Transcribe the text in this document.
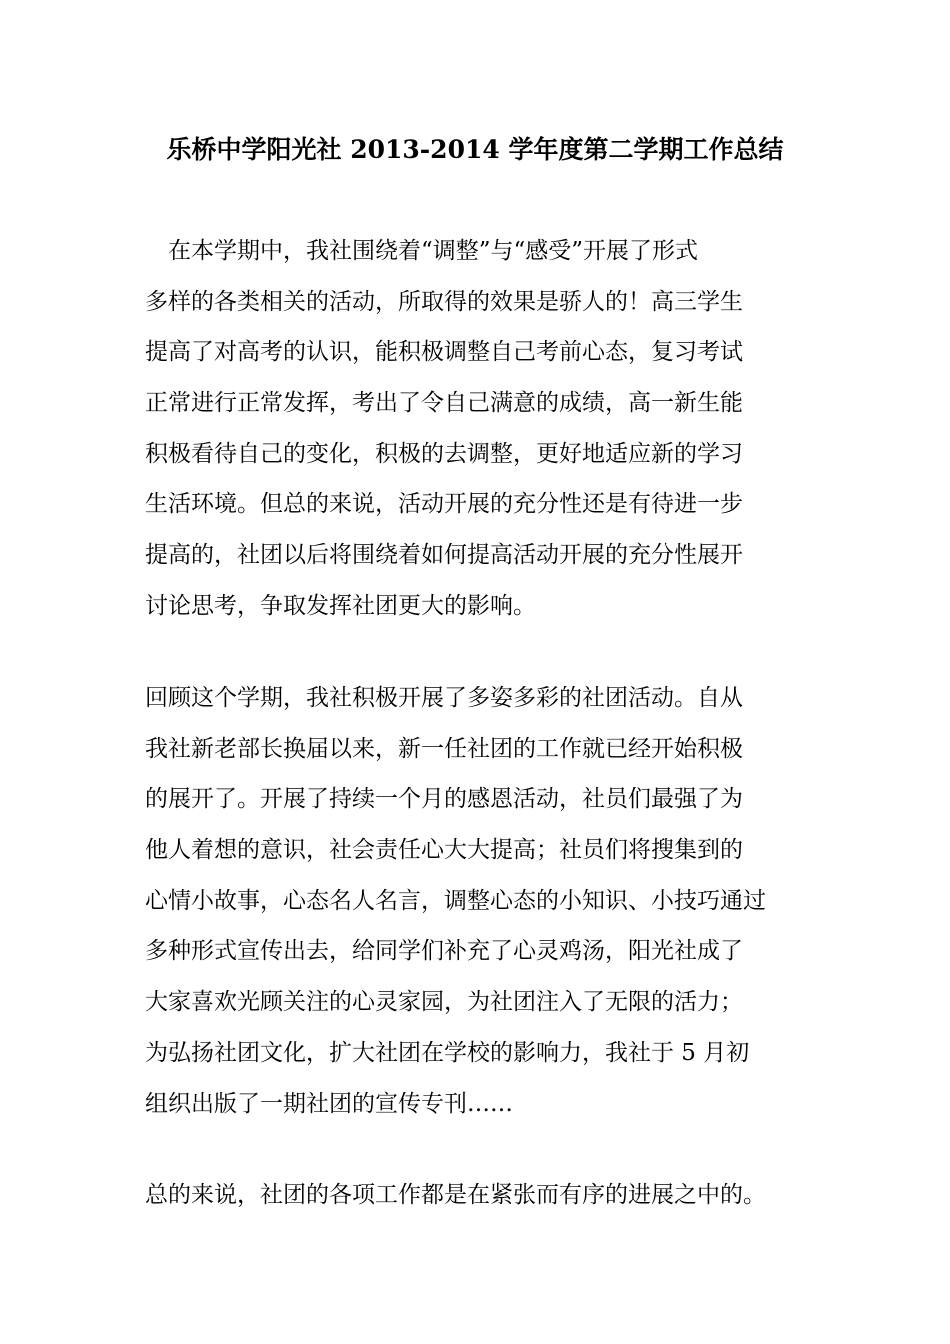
乐桥中学阳光社 2013-2014 学年度第二学期工作总结
　在本学期中，我社围绕着“调整”与“感受”开展了形式
多样的各类相关的活动，所取得的效果是骄人的！高三学生
提高了对高考的认识，能积极调整自己考前心态，复习考试
正常进行正常发挥，考出了令自己满意的成绩，高一新生能
积极看待自己的变化，积极的去调整，更好地适应新的学习
生活环境。但总的来说，活动开展的充分性还是有待进一步
提高的，社团以后将围绕着如何提高活动开展的充分性展开
讨论思考，争取发挥社团更大的影响。
回顾这个学期，我社积极开展了多姿多彩的社团活动。自从
我社新老部长换届以来，新一任社团的工作就已经开始积极
的展开了。开展了持续一个月的感恩活动，社员们最强了为
他人着想的意识，社会责任心大大提高；社员们将搜集到的
心情小故事，心态名人名言，调整心态的小知识、小技巧通过
多种形式宣传出去，给同学们补充了心灵鸡汤，阳光社成了
大家喜欢光顾关注的心灵家园，为社团注入了无限的活力；
为弘扬社团文化，扩大社团在学校的影响力，我社于 5 月初
组织出版了一期社团的宣传专刊……
总的来说，社团的各项工作都是在紧张而有序的进展之中的。
